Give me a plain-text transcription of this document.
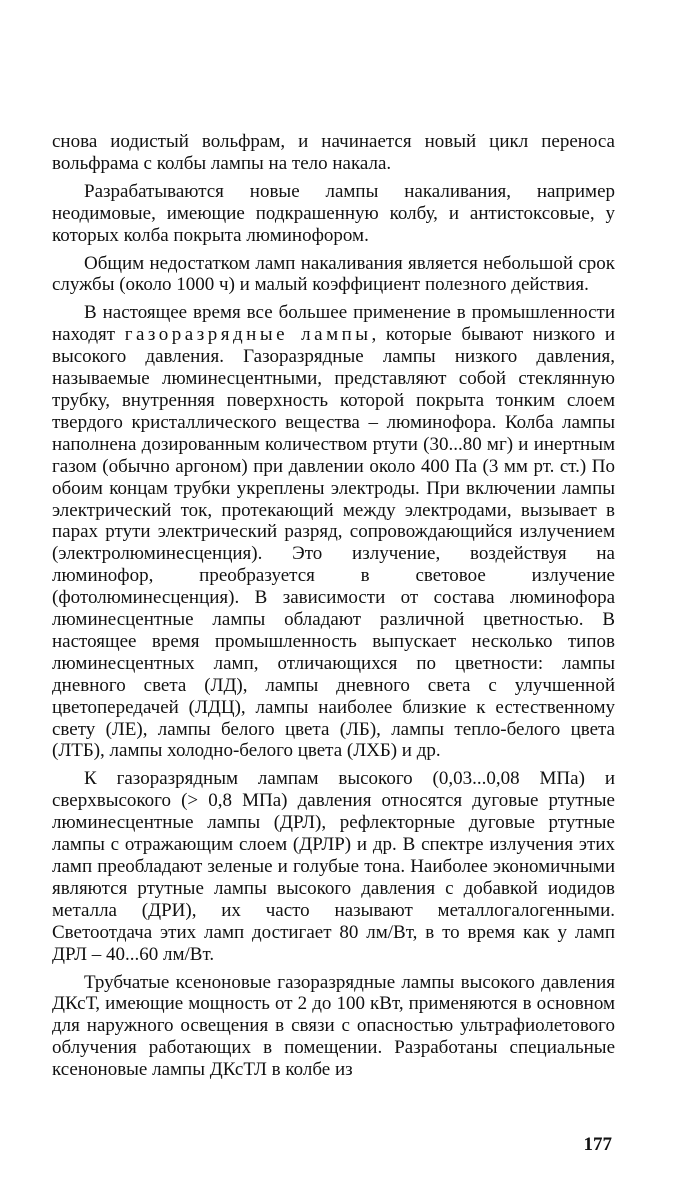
снова иодистый вольфрам, и начинается новый цикл переноса вольфрама с колбы лампы на тело накала.

Разрабатываются новые лампы накаливания, например неодимовые, имеющие подкрашенную колбу, и антистоксовые, у которых колба покрыта люминофором.

Общим недостатком ламп накаливания является небольшой срок службы (около 1000 ч) и малый коэффициент полезного действия.

В настоящее время все большее применение в промышленности находят газоразрядные лампы, которые бывают низкого и высокого давления. Газоразрядные лампы низкого давления, называемые люминесцентными, представляют собой стеклянную трубку, внутренняя поверхность которой покрыта тонким слоем твердого кристаллического вещества – люминофора. Колба лампы наполнена дозированным количеством ртути (30...80 мг) и инертным газом (обычно аргоном) при давлении около 400 Па (3 мм рт. ст.) По обоим концам трубки укреплены электроды. При включении лампы электрический ток, протекающий между электродами, вызывает в парах ртути электрический разряд, сопровождающийся излучением (электролюминесценция). Это излучение, воздействуя на люминофор, преобразуется в световое излучение (фотолюминесценция). В зависимости от состава люминофора люминесцентные лампы обладают различной цветностью. В настоящее время промышленность выпускает несколько типов люминесцентных ламп, отличающихся по цветности: лампы дневного света (ЛД), лампы дневного света с улучшенной цветопередачей (ЛДЦ), лампы наиболее близкие к естественному свету (ЛЕ), лампы белого цвета (ЛБ), лампы тепло-белого цвета (ЛТБ), лампы холодно-белого цвета (ЛХБ) и др.

К газоразрядным лампам высокого (0,03...0,08 МПа) и сверхвысокого (> 0,8 МПа) давления относятся дуговые ртутные люминесцентные лампы (ДРЛ), рефлекторные дуговые ртутные лампы с отражающим слоем (ДРЛР) и др. В спектре излучения этих ламп преобладают зеленые и голубые тона. Наиболее экономичными являются ртутные лампы высокого давления с добавкой иодидов металла (ДРИ), их часто называют металлогалогенными. Светоотдача этих ламп достигает 80 лм/Вт, в то время как у ламп ДРЛ – 40...60 лм/Вт.

Трубчатые ксеноновые газоразрядные лампы высокого давления ДКсТ, имеющие мощность от 2 до 100 кВт, применяются в основном для наружного освещения в связи с опасностью ультрафиолетового облучения работающих в помещении. Разработаны специальные ксеноновые лампы ДКсТЛ в колбе из

177
